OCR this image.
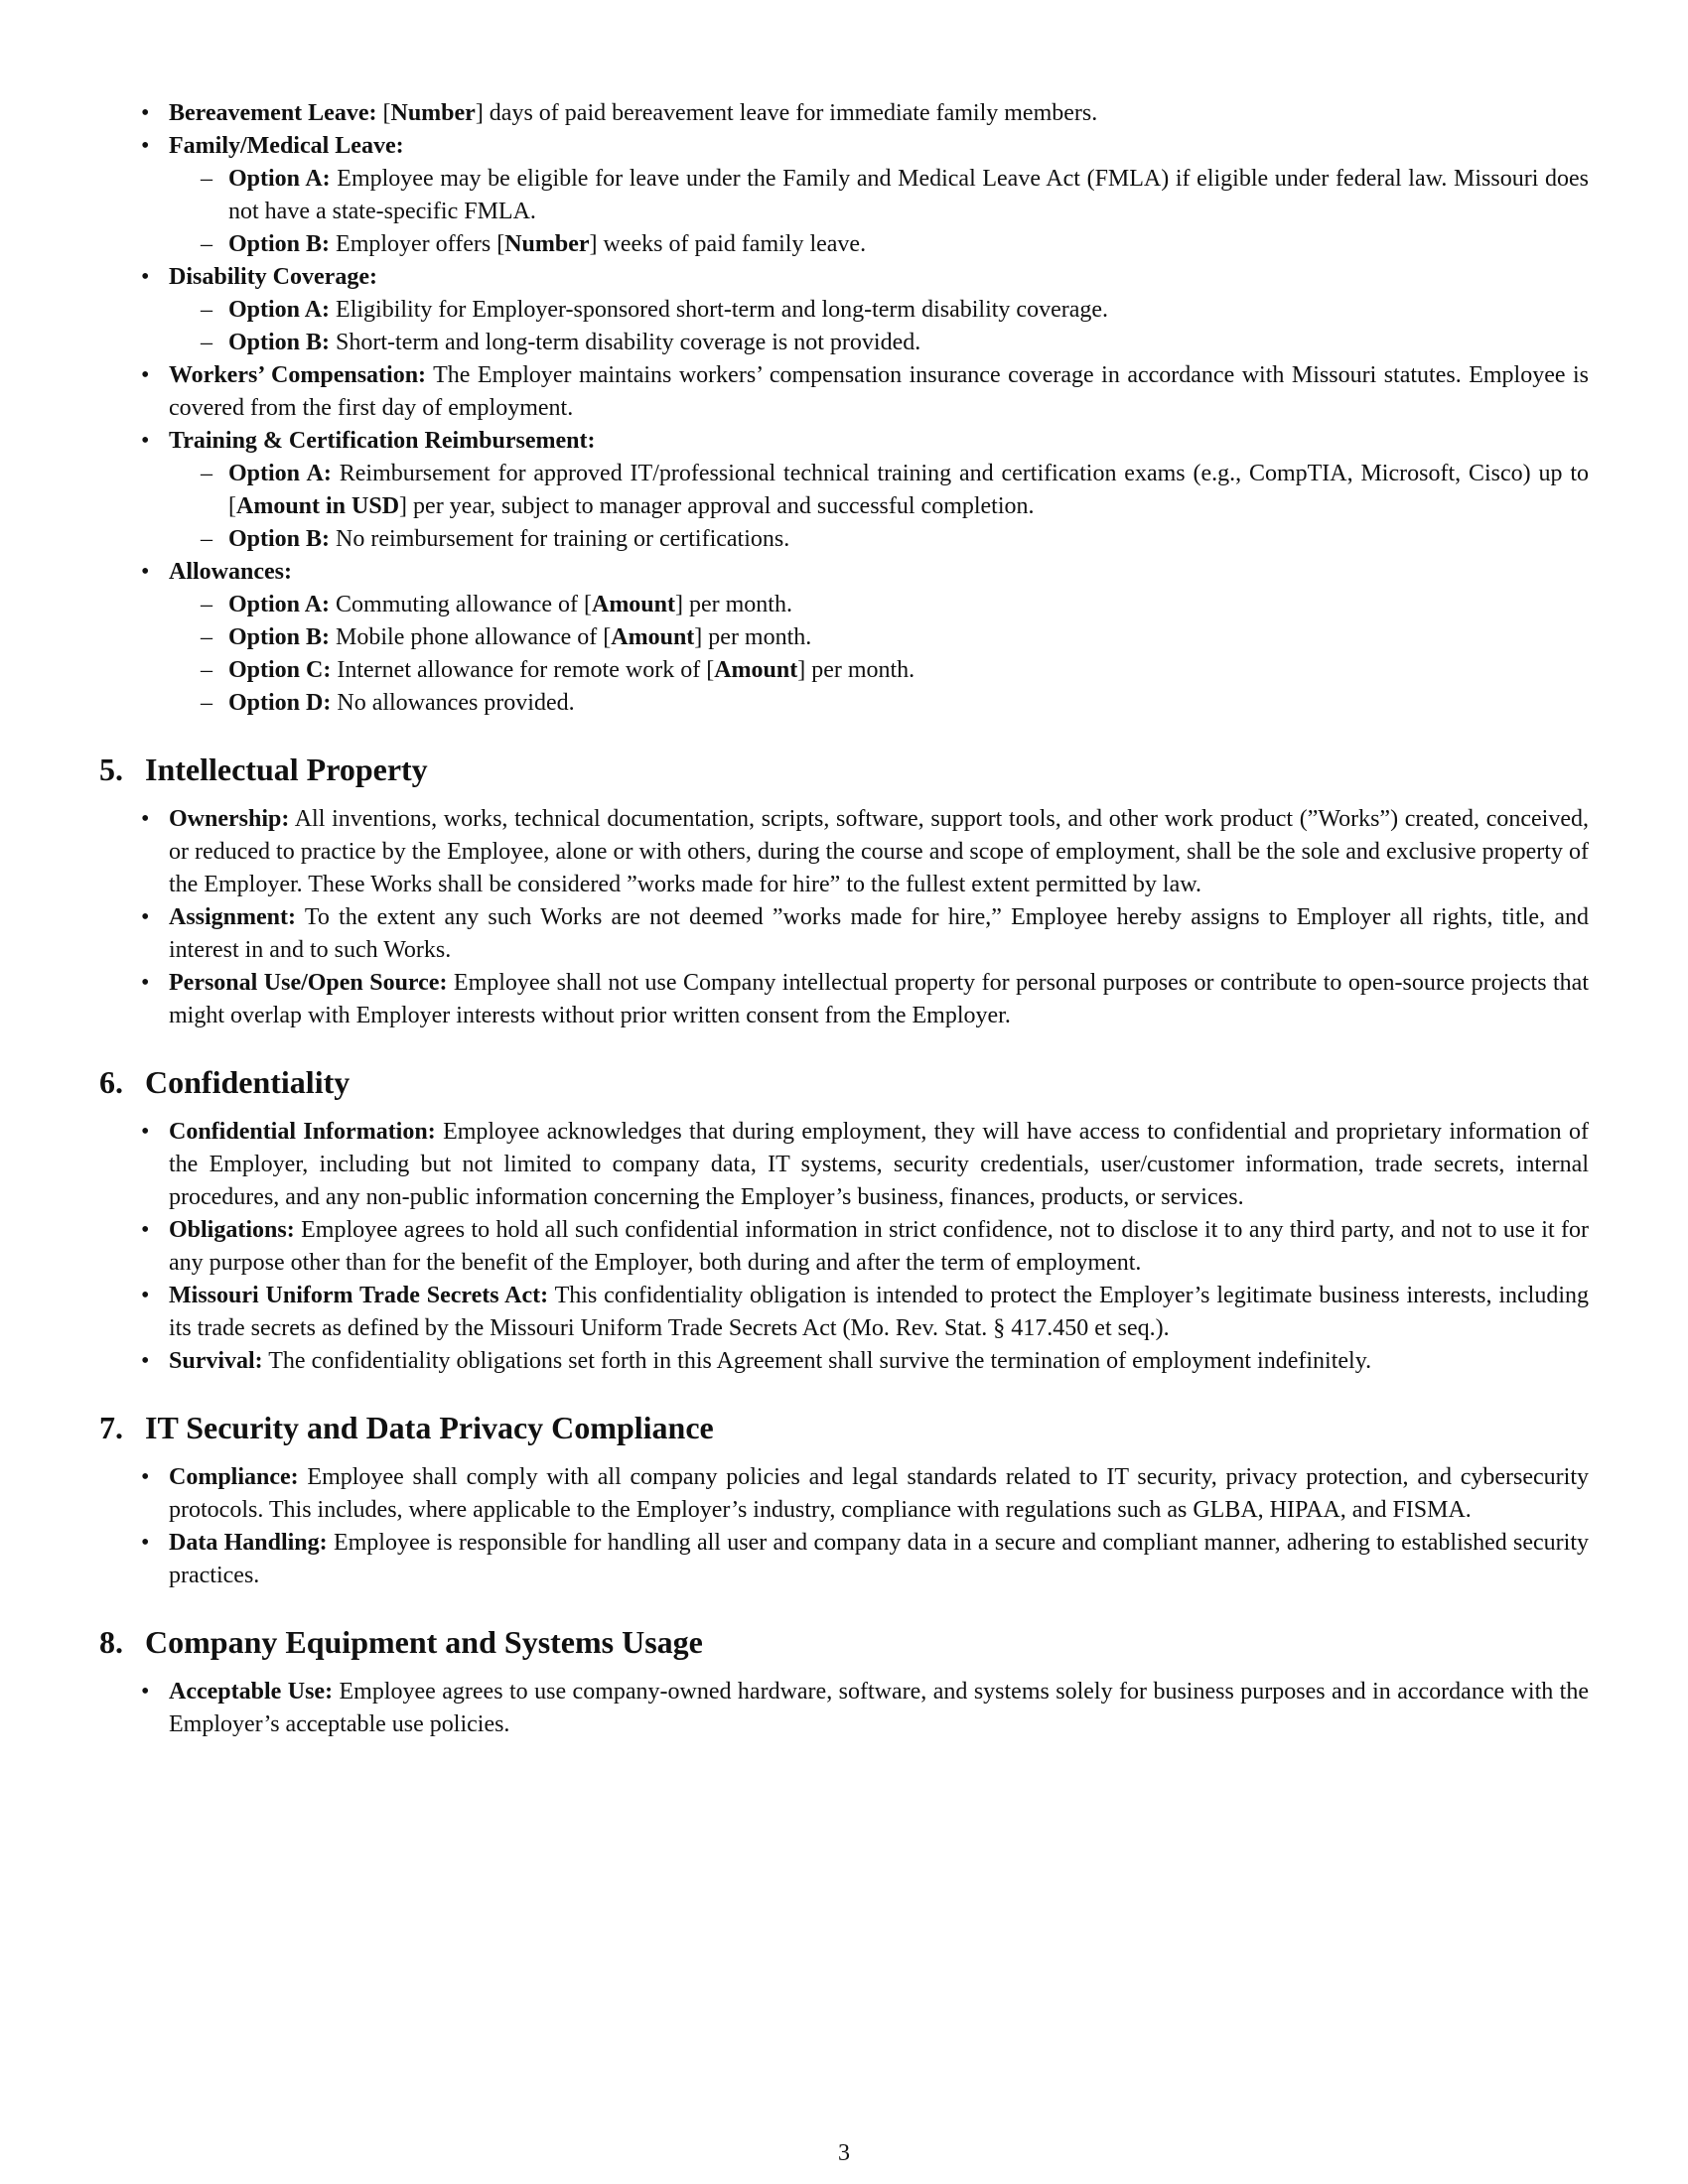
• Bereavement Leave: [Number] days of paid bereavement leave for immediate family members.
• Family/Medical Leave:
– Option A: Employee may be eligible for leave under the Family and Medical Leave Act (FMLA) if eligible under federal law. Missouri does not have a state-specific FMLA.
– Option B: Employer offers [Number] weeks of paid family leave.
• Disability Coverage:
– Option A: Eligibility for Employer-sponsored short-term and long-term disability coverage.
– Option B: Short-term and long-term disability coverage is not provided.
• Workers’ Compensation: The Employer maintains workers’ compensation insurance coverage in accordance with Missouri statutes. Employee is covered from the first day of employment.
• Training & Certification Reimbursement:
– Option A: Reimbursement for approved IT/professional technical training and certification exams (e.g., CompTIA, Microsoft, Cisco) up to [Amount in USD] per year, subject to manager approval and successful completion.
– Option B: No reimbursement for training or certifications.
• Allowances:
– Option A: Commuting allowance of [Amount] per month.
– Option B: Mobile phone allowance of [Amount] per month.
– Option C: Internet allowance for remote work of [Amount] per month.
– Option D: No allowances provided.
5. Intellectual Property
• Ownership: All inventions, works, technical documentation, scripts, software, support tools, and other work product (”Works”) created, conceived, or reduced to practice by the Employee, alone or with others, during the course and scope of employment, shall be the sole and exclusive property of the Employer. These Works shall be considered ”works made for hire” to the fullest extent permitted by law.
• Assignment: To the extent any such Works are not deemed ”works made for hire,” Employee hereby assigns to Employer all rights, title, and interest in and to such Works.
• Personal Use/Open Source: Employee shall not use Company intellectual property for personal purposes or contribute to open-source projects that might overlap with Employer interests without prior written consent from the Employer.
6. Confidentiality
• Confidential Information: Employee acknowledges that during employment, they will have access to confidential and proprietary information of the Employer, including but not limited to company data, IT systems, security credentials, user/customer information, trade secrets, internal procedures, and any non-public information concerning the Employer’s business, finances, products, or services.
• Obligations: Employee agrees to hold all such confidential information in strict confidence, not to disclose it to any third party, and not to use it for any purpose other than for the benefit of the Employer, both during and after the term of employment.
• Missouri Uniform Trade Secrets Act: This confidentiality obligation is intended to protect the Employer’s legitimate business interests, including its trade secrets as defined by the Missouri Uniform Trade Secrets Act (Mo. Rev. Stat. § 417.450 et seq.).
• Survival: The confidentiality obligations set forth in this Agreement shall survive the termination of employment indefinitely.
7. IT Security and Data Privacy Compliance
• Compliance: Employee shall comply with all company policies and legal standards related to IT security, privacy protection, and cybersecurity protocols. This includes, where applicable to the Employer’s industry, compliance with regulations such as GLBA, HIPAA, and FISMA.
• Data Handling: Employee is responsible for handling all user and company data in a secure and compliant manner, adhering to established security practices.
8. Company Equipment and Systems Usage
• Acceptable Use: Employee agrees to use company-owned hardware, software, and systems solely for business purposes and in accordance with the Employer’s acceptable use policies.
3
